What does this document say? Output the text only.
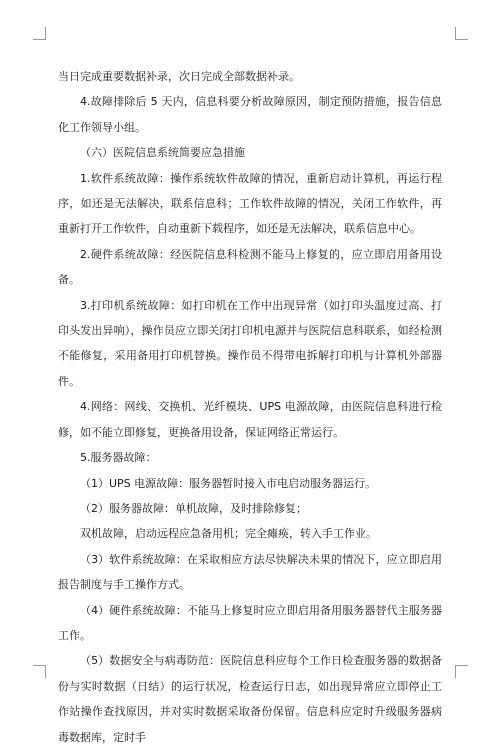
当日完成重要数据补录，次日完成全部数据补录。

4.故障排除后 5 天内，信息科要分析故障原因，制定预防措施，报告信息化工作领导小组。

（六）医院信息系统简要应急措施

1.软件系统故障：操作系统软件故障的情况，重新启动计算机，再运行程序，如还是无法解决，联系信息科；工作软件故障的情况，关闭工作软件，再重新打开工作软件，自动重新下载程序，如还是无法解决，联系信息中心。

2.硬件系统故障：经医院信息科检测不能马上修复的，应立即启用备用设备。

3.打印机系统故障：如打印机在工作中出现异常（如打印头温度过高、打印头发出异响），操作员应立即关闭打印机电源并与医院信息科联系，如经检测不能修复，采用备用打印机替换。操作员不得带电拆解打印机与计算机外部器件。

4.网络：网线、交换机、光纤模块、UPS 电源故障，由医院信息科进行检修，如不能立即修复，更换备用设备，保证网络正常运行。

5.服务器故障：

（1）UPS 电源故障：服务器暂时接入市电启动服务器运行。

（2）服务器故障：单机故障，及时排除修复；

双机故障，启动远程应急备用机；完全瘫痪，转入手工作业。

（3）软件系统故障：在采取相应方法尽快解决未果的情况下，应立即启用报告制度与手工操作方式。

（4）硬件系统故障：不能马上修复时应立即启用备用服务器替代主服务器工作。

（5）数据安全与病毒防范：医院信息科应每个工作日检查服务器的数据备份与实时数据（日结）的运行状况，检查运行日志，如出现异常应立即停止工作站操作查找原因，并对实时数据采取备份保留。信息科应定时升级服务器病毒数据库，定时手
